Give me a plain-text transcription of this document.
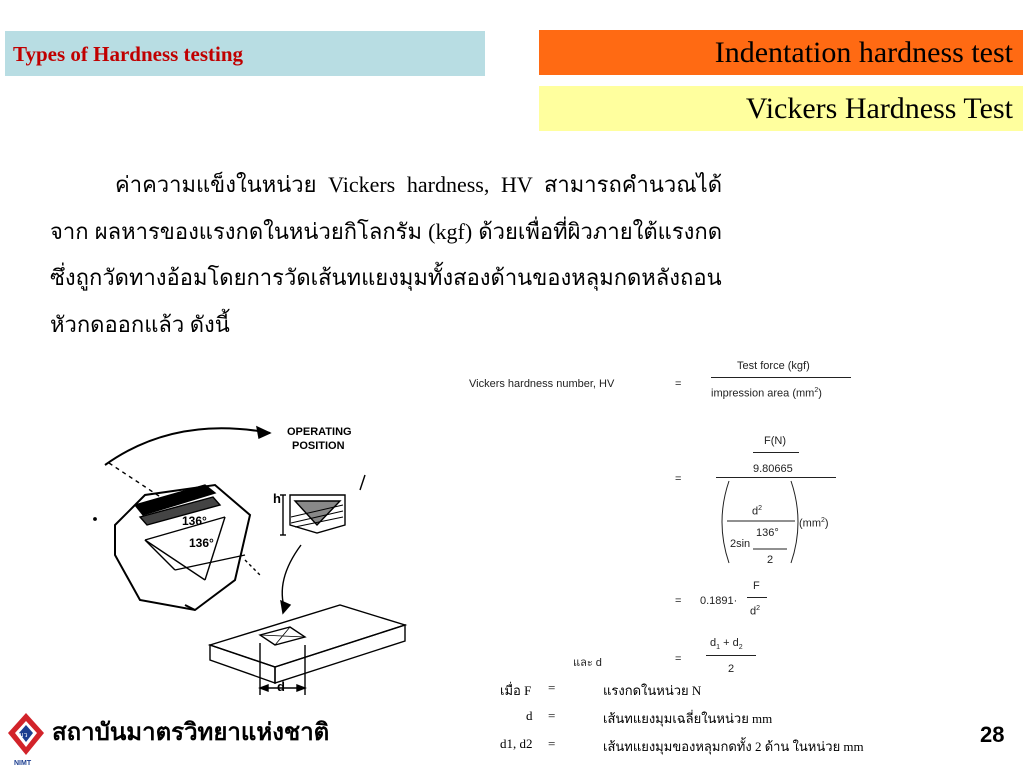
Types of Hardness testing	Indentation hardness test
Vickers Hardness Test
ค่าความแข็งในหน่วย Vickers hardness, HV สามารถคำนวณได้จาก ผลหารของแรงกดในหน่วยกิโลกรัม (kgf) ด้วยเพื่อที่ผิวภายใต้แรงกด ซึ่งถูกวัดทางอ้อมโดยการวัดเส้นทแยงมุมทั้งสองด้านของหลุมกดหลังถอนหัวกดออกแล้ว ดังนี้
OPERATING
POSITION
136°
136°
h
d
Vickers hardness number, HV	=
Test force (kgf)
impression area $(mm^2)$
F(N)
9.80665
=
$d^2$
2sin
136°
2
$(mm^2)$
= 0.1891·
F
$d^2$
และ d	=
$d_1 + d_2$
2
เมื่อ F =	แรงกดในหน่วย N
d =	เส้นทแยงมุมเฉลี่ยในหน่วย mm
d1, d2 =	เส้นทแยงมุมของหลุมกดทั้ง 2 ด้าน ในหน่วย mm
มว
NIMT
สถาบันมาตรวิทยาแห่งชาติ	28
